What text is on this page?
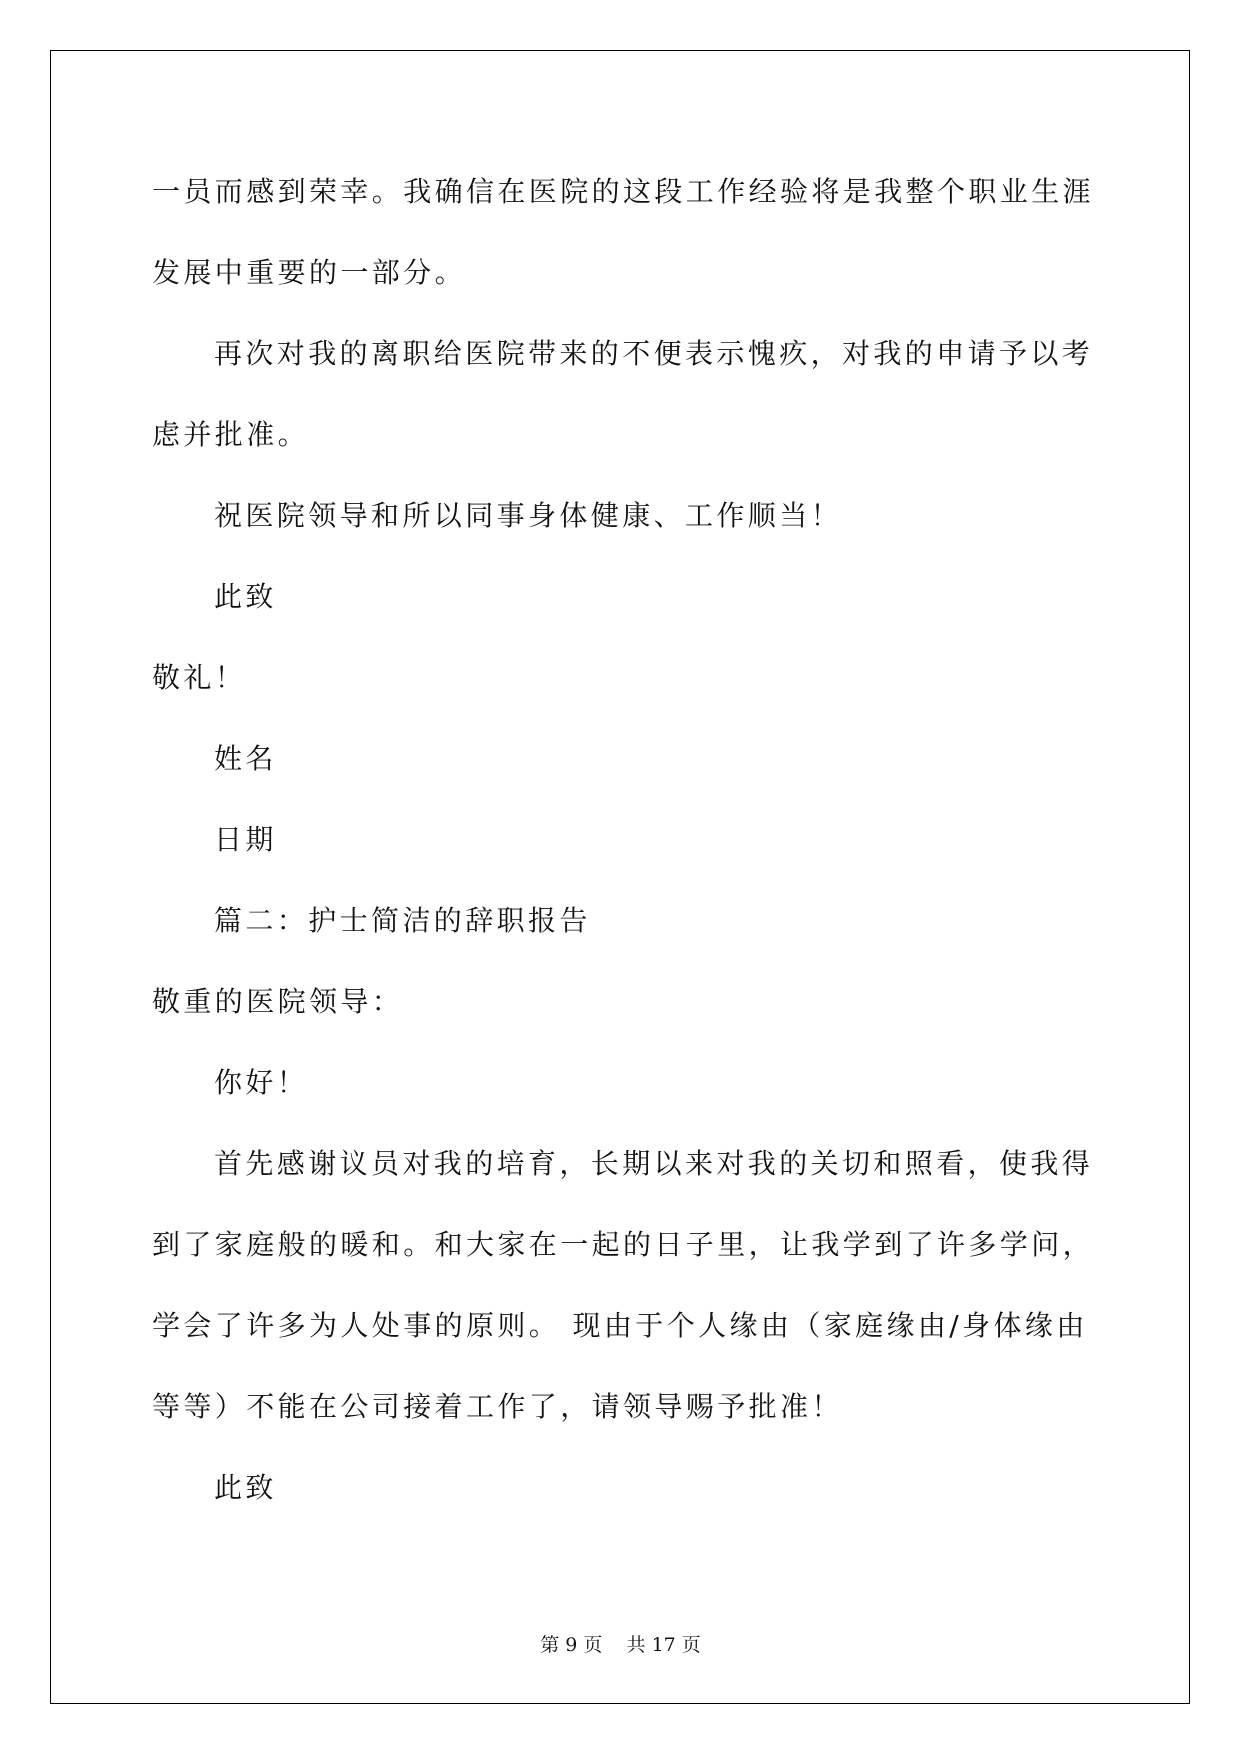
一员而感到荣幸。我确信在医院的这段工作经验将是我整个职业生涯
发展中重要的一部分。
再次对我的离职给医院带来的不便表示愧疚，对我的申请予以考
虑并批准。
祝医院领导和所以同事身体健康、工作顺当！
此致
敬礼！
姓名
日期
篇二：护士简洁的辞职报告
敬重的医院领导：
你好！
首先感谢议员对我的培育，长期以来对我的关切和照看，使我得
到了家庭般的暖和。和大家在一起的日子里，让我学到了许多学问，
学会了许多为人处事的原则。 现由于个人缘由（家庭缘由/身体缘由
等等）不能在公司接着工作了，请领导赐予批准！
此致
第 9 页 共 17 页
